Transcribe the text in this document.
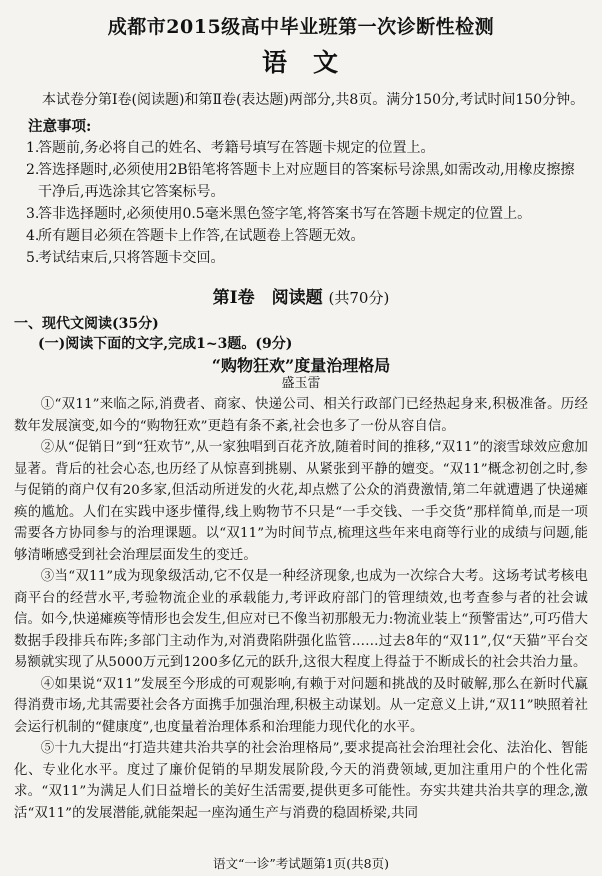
成都市2015级高中毕业班第一次诊断性检测
语文

本试卷分第Ⅰ卷(阅读题)和第Ⅱ卷(表达题)两部分,共8页。满分150分,考试时间150分钟。

注意事项:
1.答题前,务必将自己的姓名、考籍号填写在答题卡规定的位置上。
2.答选择题时,必须使用2B铅笔将答题卡上对应题目的答案标号涂黑,如需改动,用橡皮擦擦干净后,再选涂其它答案标号。
3.答非选择题时,必须使用0.5毫米黑色签字笔,将答案书写在答题卡规定的位置上。
4.所有题目必须在答题卡上作答,在试题卷上答题无效。
5.考试结束后,只将答题卡交回。
第Ⅰ卷　阅读题 (共70分)
一、现代文阅读(35分)
(一)阅读下面的文字,完成1~3题。(9分)
“购物狂欢”度量治理格局
盛玉雷

①“双11”来临之际,消费者、商家、快递公司、相关行政部门已经热起身来,积极准备。历经数年发展演变,如今的“购物狂欢”更趋有条不紊,社会也多了一份从容自信。

②从“促销日”到“狂欢节”,从一家独唱到百花齐放,随着时间的推移,“双11”的滚雪球效应愈加显著。背后的社会心态,也历经了从惊喜到挑剔、从紧张到平静的嬗变。“双11”概念初创之时,参与促销的商户仅有20多家,但活动所迸发的火花,却点燃了公众的消费激情,第二年就遭遇了快递瘫痪的尴尬。人们在实践中逐步懂得,线上购物节不只是“一手交钱、一手交货”那样简单,而是一项需要各方协同参与的治理课题。以“双11”为时间节点,梳理这些年来电商等行业的成绩与问题,能够清晰感受到社会治理层面发生的变迁。

③当“双11”成为现象级活动,它不仅是一种经济现象,也成为一次综合大考。这场考试考核电商平台的经营水平,考验物流企业的承载能力,考评政府部门的管理绩效,也考查参与者的社会诚信。如今,快递瘫痪等情形也会发生,但应对已不像当初那般无力:物流业装上“预警雷达”,可巧借大数据手段排兵布阵;多部门主动作为,对消费陷阱强化监管……过去8年的“双11”,仅“天猫”平台交易额就实现了从5000万元到1200多亿元的跃升,这很大程度上得益于不断成长的社会共治力量。

④如果说“双11”发展至今形成的可观影响,有赖于对问题和挑战的及时破解,那么在新时代赢得消费市场,尤其需要社会各方面携手加强治理,积极主动谋划。从一定意义上讲,“双11”映照着社会运行机制的“健康度”,也度量着治理体系和治理能力现代化的水平。

⑤十九大提出“打造共建共治共享的社会治理格局”,要求提高社会治理社会化、法治化、智能化、专业化水平。度过了廉价促销的早期发展阶段,今天的消费领域,更加注重用户的个性化需求。“双11”为满足人们日益增长的美好生活需要,提供更多可能性。夯实共建共治共享的理念,激活“双11”的发展潜能,就能架起一座沟通生产与消费的稳固桥梁,共同

语文“一诊”考试题第1页(共8页)
